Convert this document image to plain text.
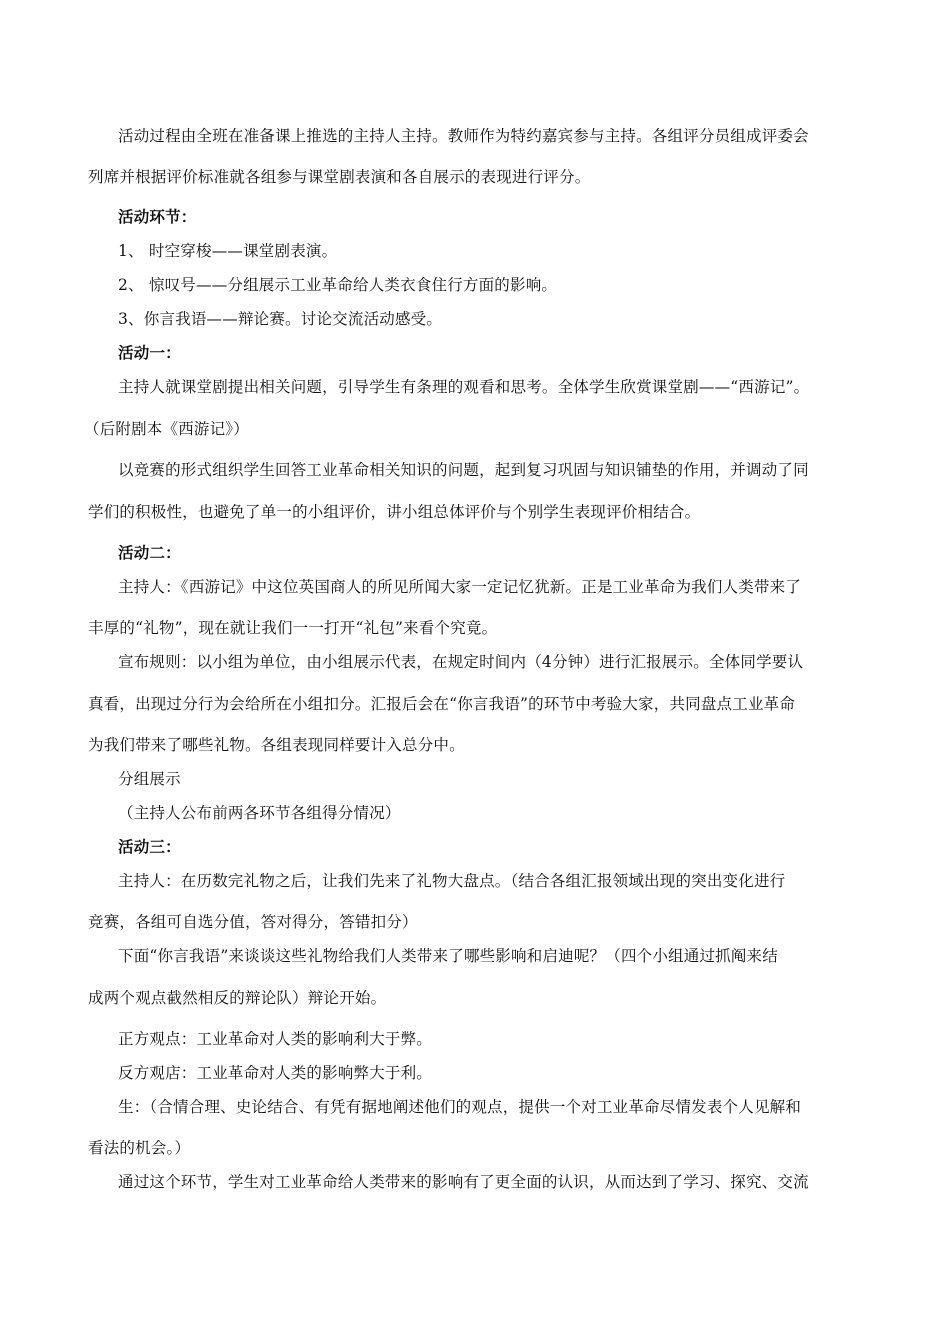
活动过程由全班在准备课上推选的主持人主持。教师作为特约嘉宾参与主持。各组评分员组成评委会
列席并根据评价标准就各组参与课堂剧表演和各自展示的表现进行评分。
活动环节：
1、 时空穿梭——课堂剧表演。
2、 惊叹号——分组展示工业革命给人类衣食住行方面的影响。
3、你言我语——辩论赛。讨论交流活动感受。
活动一：
主持人就课堂剧提出相关问题，引导学生有条理的观看和思考。全体学生欣赏课堂剧——“西游记”。
（后附剧本《西游记》）
以竞赛的形式组织学生回答工业革命相关知识的问题，起到复习巩固与知识铺垫的作用，并调动了同
学们的积极性，也避免了单一的小组评价，讲小组总体评价与个别学生表现评价相结合。
活动二：
主持人：《西游记》中这位英国商人的所见所闻大家一定记忆犹新。正是工业革命为我们人类带来了
丰厚的“礼物”，现在就让我们一一打开“礼包”来看个究竟。
宣布规则：以小组为单位，由小组展示代表，在规定时间内（4分钟）进行汇报展示。全体同学要认
真看，出现过分行为会给所在小组扣分。汇报后会在“你言我语”的环节中考验大家，共同盘点工业革命
为我们带来了哪些礼物。各组表现同样要计入总分中。
分组展示
（主持人公布前两各环节各组得分情况）
活动三：
主持人：在历数完礼物之后，让我们先来了礼物大盘点。（结合各组汇报领域出现的突出变化进行
竞赛，各组可自选分值，答对得分，答错扣分）
下面“你言我语”来谈谈这些礼物给我们人类带来了哪些影响和启迪呢？（四个小组通过抓阄来结
成两个观点截然相反的辩论队）辩论开始。
正方观点：工业革命对人类的影响利大于弊。
反方观店：工业革命对人类的影响弊大于利。
生：（合情合理、史论结合、有凭有据地阐述他们的观点，提供一个对工业革命尽情发表个人见解和
看法的机会。）
通过这个环节，学生对工业革命给人类带来的影响有了更全面的认识，从而达到了学习、探究、交流
